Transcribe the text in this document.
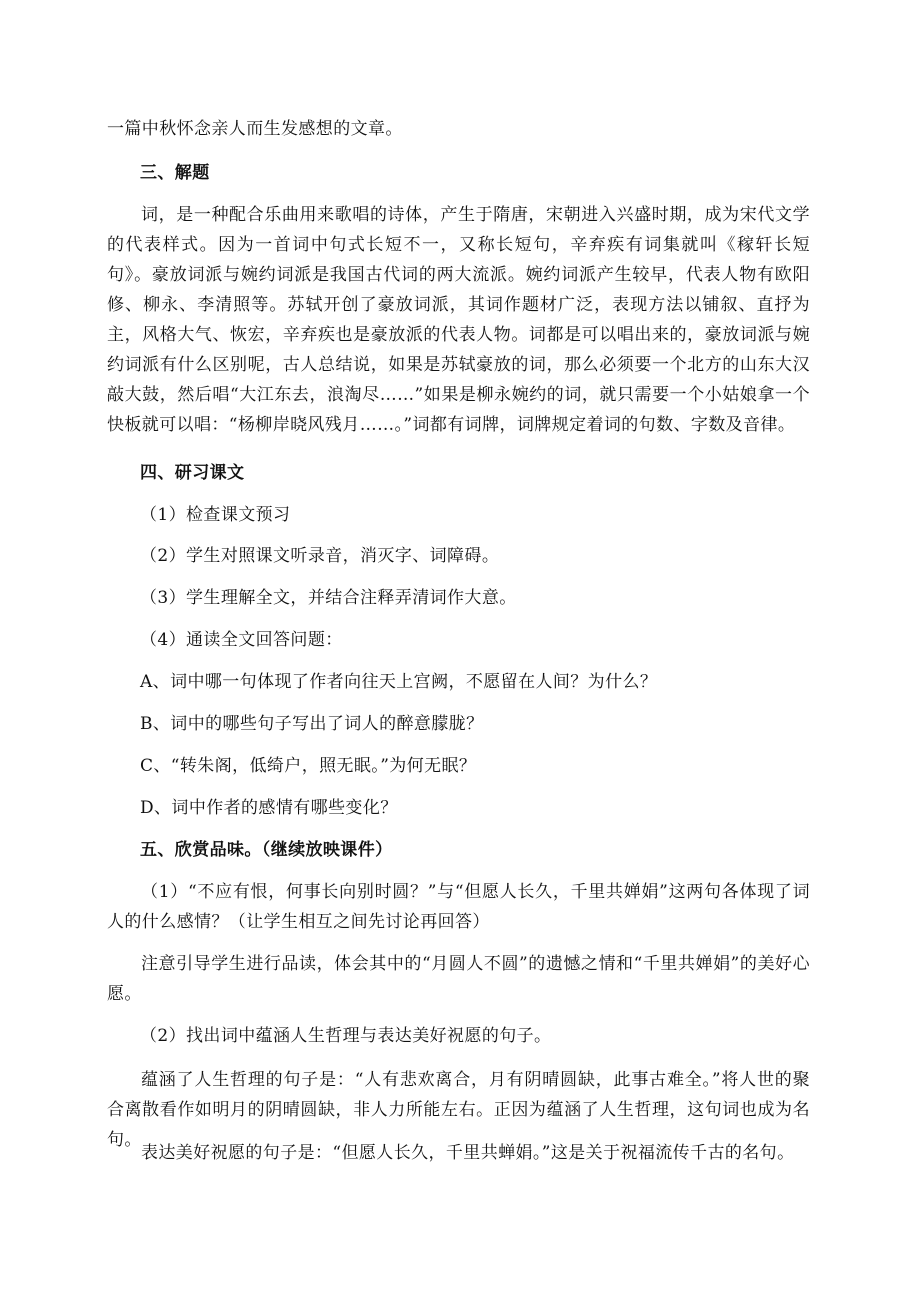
一篇中秋怀念亲人而生发感想的文章。

三、解题

词，是一种配合乐曲用来歌唱的诗体，产生于隋唐，宋朝进入兴盛时期，成为宋代文学的代表样式。因为一首词中句式长短不一，又称长短句，辛弃疾有词集就叫《稼轩长短句》。豪放词派与婉约词派是我国古代词的两大流派。婉约词派产生较早，代表人物有欧阳修、柳永、李清照等。苏轼开创了豪放词派，其词作题材广泛，表现方法以铺叙、直抒为主，风格大气、恢宏，辛弃疾也是豪放派的代表人物。词都是可以唱出来的，豪放词派与婉约词派有什么区别呢，古人总结说，如果是苏轼豪放的词，那么必须要一个北方的山东大汉敲大鼓，然后唱“大江东去，浪淘尽……”如果是柳永婉约的词，就只需要一个小姑娘拿一个快板就可以唱：“杨柳岸晓风残月……。”词都有词牌，词牌规定着词的句数、字数及音律。

四、研习课文

（1）检查课文预习

（2）学生对照课文听录音，消灭字、词障碍。

（3）学生理解全文，并结合注释弄清词作大意。

（4）通读全文回答问题：

A、词中哪一句体现了作者向往天上宫阙，不愿留在人间？为什么？

B、词中的哪些句子写出了词人的醉意朦胧？

C、“转朱阁，低绮户，照无眠。”为何无眠？

D、词中作者的感情有哪些变化？

五、欣赏品味。（继续放映课件）

（1）“不应有恨，何事长向别时圆？”与“但愿人长久，千里共婵娟”这两句各体现了词人的什么感情？（让学生相互之间先讨论再回答）

注意引导学生进行品读，体会其中的“月圆人不圆”的遗憾之情和“千里共婵娟”的美好心愿。

（2）找出词中蕴涵人生哲理与表达美好祝愿的句子。

蕴涵了人生哲理的句子是：“人有悲欢离合，月有阴晴圆缺，此事古难全。”将人世的聚合离散看作如明月的阴晴圆缺，非人力所能左右。正因为蕴涵了人生哲理，这句词也成为名句。

表达美好祝愿的句子是：“但愿人长久，千里共蝉娟。”这是关于祝福流传千古的名句。
